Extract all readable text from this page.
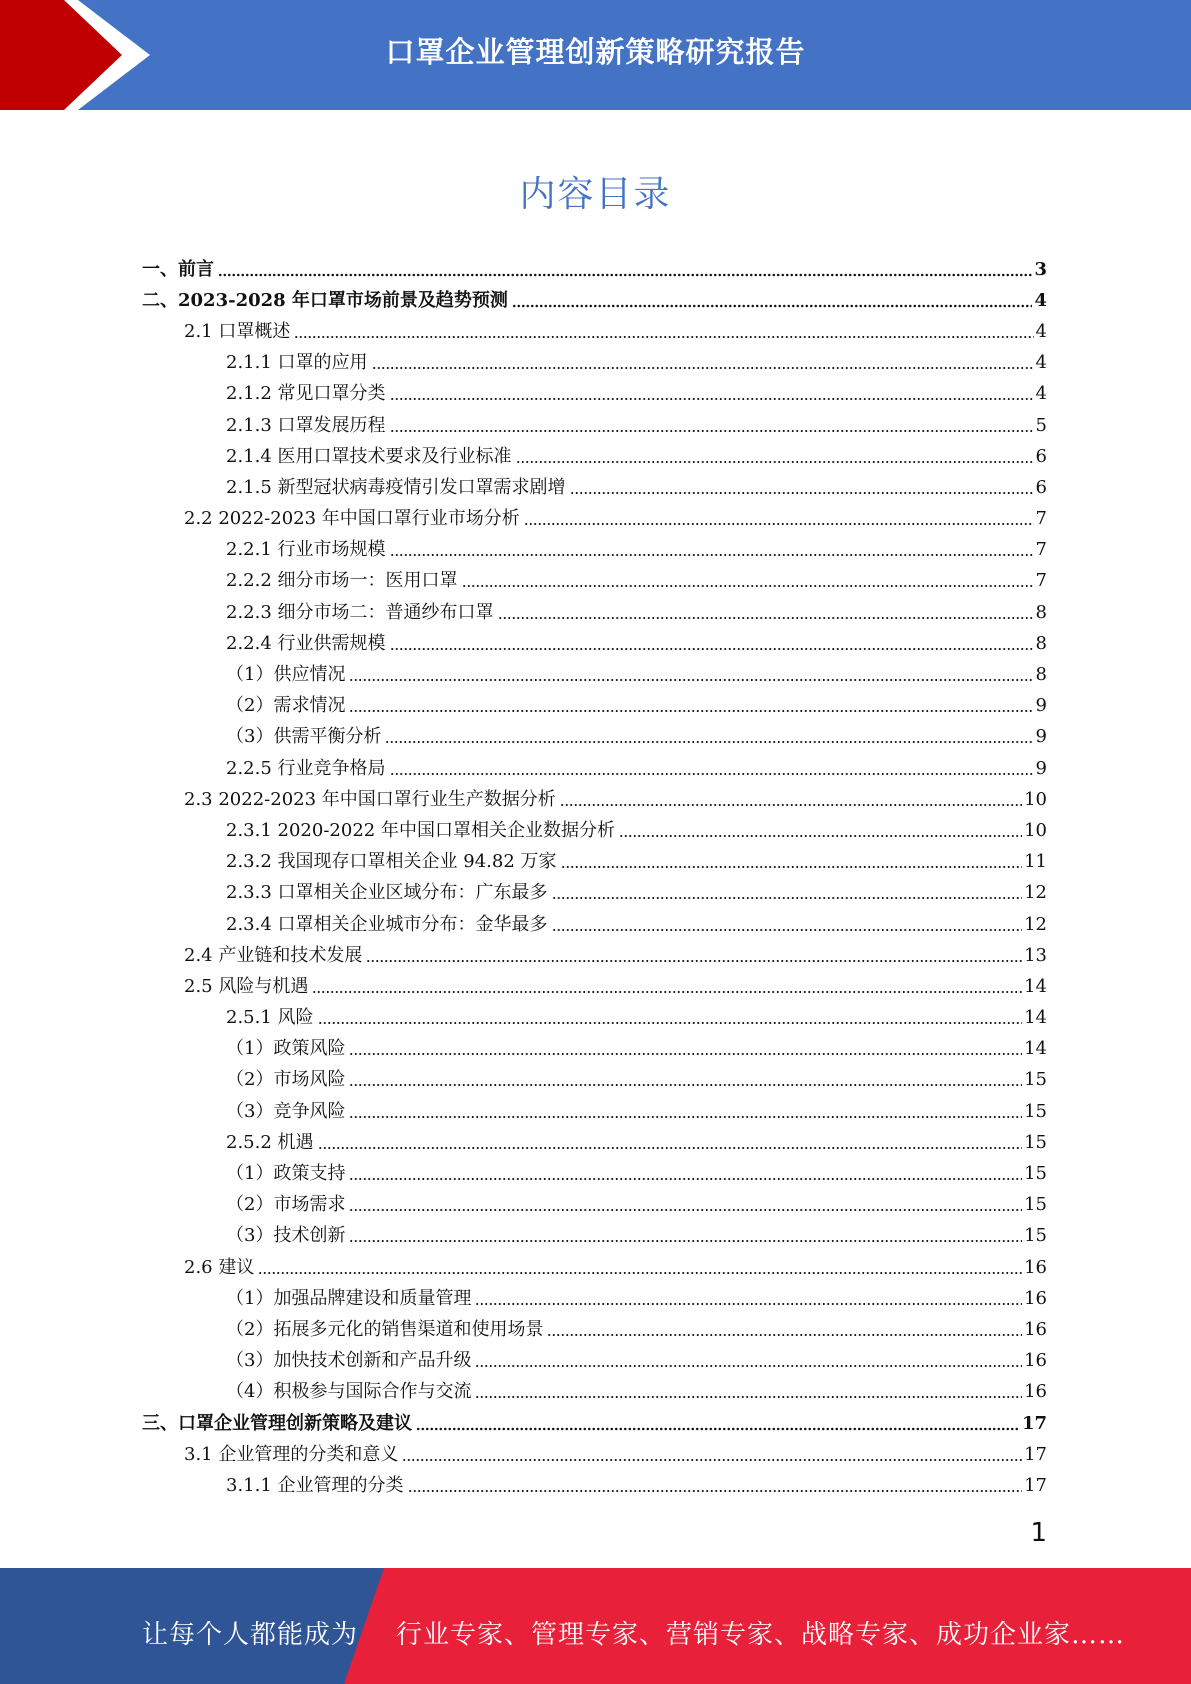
口罩企业管理创新策略研究报告
内容目录
一、前言	3
二、2023-2028 年口罩市场前景及趋势预测	4
2.1 口罩概述	4
2.1.1 口罩的应用	4
2.1.2 常见口罩分类	4
2.1.3 口罩发展历程	5
2.1.4 医用口罩技术要求及行业标准	6
2.1.5 新型冠状病毒疫情引发口罩需求剧增	6
2.2 2022-2023 年中国口罩行业市场分析	7
2.2.1 行业市场规模	7
2.2.2 细分市场一：医用口罩	7
2.2.3 细分市场二：普通纱布口罩	8
2.2.4 行业供需规模	8
（1）供应情况	8
（2）需求情况	9
（3）供需平衡分析	9
2.2.5 行业竞争格局	9
2.3 2022-2023 年中国口罩行业生产数据分析	10
2.3.1 2020-2022 年中国口罩相关企业数据分析	10
2.3.2 我国现存口罩相关企业 94.82 万家	11
2.3.3 口罩相关企业区域分布：广东最多	12
2.3.4 口罩相关企业城市分布：金华最多	12
2.4 产业链和技术发展	13
2.5 风险与机遇	14
2.5.1 风险	14
（1）政策风险	14
（2）市场风险	15
（3）竞争风险	15
2.5.2 机遇	15
（1）政策支持	15
（2）市场需求	15
（3）技术创新	15
2.6 建议	16
（1）加强品牌建设和质量管理	16
（2）拓展多元化的销售渠道和使用场景	16
（3）加快技术创新和产品升级	16
（4）积极参与国际合作与交流	16
三、口罩企业管理创新策略及建议	17
3.1 企业管理的分类和意义	17
3.1.1 企业管理的分类	17
1
让每个人都能成为 行业专家、管理专家、营销专家、战略专家、成功企业家……
